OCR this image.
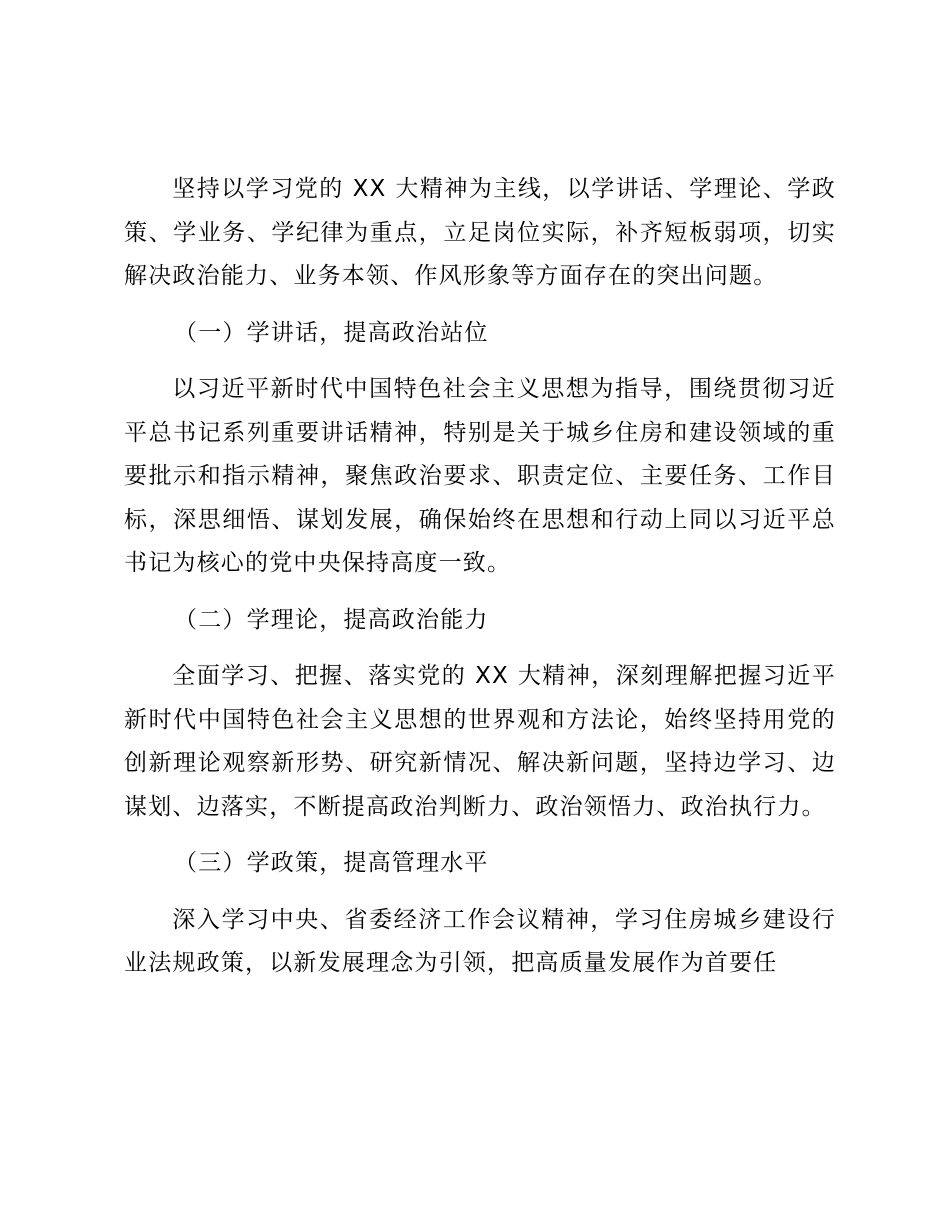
坚持以学习党的 XX 大精神为主线，以学讲话、学理论、学政策、学业务、学纪律为重点，立足岗位实际，补齐短板弱项，切实解决政治能力、业务本领、作风形象等方面存在的突出问题。

（一）学讲话，提高政治站位

以习近平新时代中国特色社会主义思想为指导，围绕贯彻习近平总书记系列重要讲话精神，特别是关于城乡住房和建设领域的重要批示和指示精神，聚焦政治要求、职责定位、主要任务、工作目标，深思细悟、谋划发展，确保始终在思想和行动上同以习近平总书记为核心的党中央保持高度一致。

（二）学理论，提高政治能力

全面学习、把握、落实党的 XX 大精神，深刻理解把握习近平新时代中国特色社会主义思想的世界观和方法论，始终坚持用党的创新理论观察新形势、研究新情况、解决新问题，坚持边学习、边谋划、边落实，不断提高政治判断力、政治领悟力、政治执行力。

（三）学政策，提高管理水平

深入学习中央、省委经济工作会议精神，学习住房城乡建设行业法规政策，以新发展理念为引领，把高质量发展作为首要任
